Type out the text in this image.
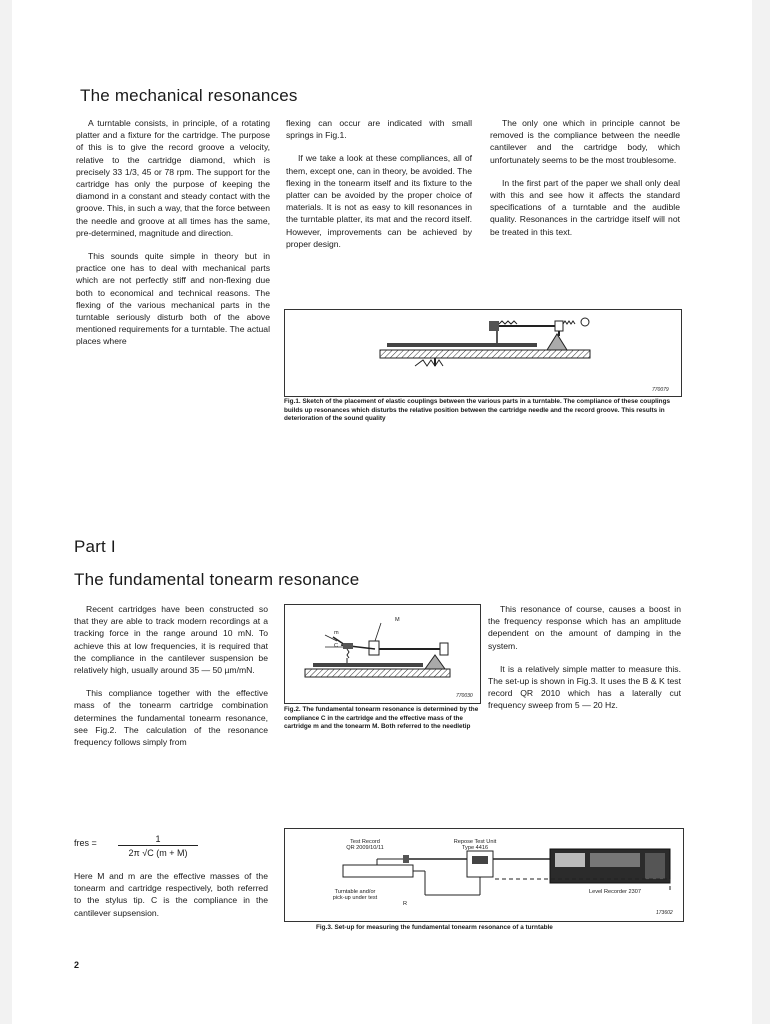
The mechanical resonances

A turntable consists, in principle, of a rotating platter and a fixture for the cartridge. The purpose of this is to give the record groove a velocity, relative to the cartridge diamond, which is precisely 33 1/3, 45 or 78 rpm. The support for the cartridge has only the purpose of keeping the diamond in a constant and steady contact with the groove. This, in such a way, that the force between the needle and groove at all times has the same, pre-determined, magnitude and direction.

This sounds quite simple in theory but in practice one has to deal with mechanical parts which are not perfectly stiff and non-flexing due both to economical and technical reasons. The flexing of the various mechanical parts in the turntable seriously disturb both of the above mentioned requirements for a turntable. The actual places where

flexing can occur are indicated with small springs in Fig.1.

If we take a look at these compliances, all of them, except one, can in theory, be avoided. The flexing in the tonearm itself and its fixture to the platter can be avoided by the proper choice of materials. It is not as easy to kill resonances in the turntable platter, its mat and the record itself. However, improvements can be achieved by proper design.

The only one which in principle cannot be removed is the compliance between the needle cantilever and the cartridge body, which unfortunately seems to be the most troublesome.

In the first part of the paper we shall only deal with this and see how it affects the standard specifications of a turntable and the audible quality. Resonances in the cartridge itself will not be treated in this text.

770079
Fig.1. Sketch of the placement of elastic couplings between the various parts in a turntable. The compliance of these couplings builds up resonances which disturbs the relative position between the cartridge needle and the record groove. This results in deterioration of the sound quality
Part I
The fundamental tonearm resonance

Recent cartridges have been constructed so that they are able to track modern recordings at a tracking force in the range around 10 mN. To achieve this at low frequencies, it is required that the compliance in the cantilever suspension be relatively high, usually around 35 — 50 µm/mN.

This compliance together with the effective mass of the tonearm cartridge combination determines the fundamental tonearm resonance, see Fig.2. The calculation of the resonance frequency follows simply from

fres =	1
2π √C (m + M)

Here M and m are the effective masses of the tonearm and cartridge respectively, both referred to the stylus tip. C is the compliance in the cantilever supsension.

M
m
C
770030
Fig.2. The fundamental tonearm resonance is determined by the compliance C in the cartridge and the effective mass of the cartridge m and the tonearm M. Both referred to the needletip

This resonance of course, causes a boost in the frequency response which has an amplitude dependent on the amount of damping in the system.

It is a relatively simple matter to measure this. The set-up is shown in Fig.3. It uses the B & K test record QR 2010 which has a laterally cut frequency sweep from 5 — 20 Hz.

Test Record
QR 2009/10/11
Repose Test Unit
Type 4416
Turntable and/or
pick-up under test
R
Level Recorder 2307
173602
Fig.3. Set-up for measuring the fundamental tonearm resonance of a turntable
2
